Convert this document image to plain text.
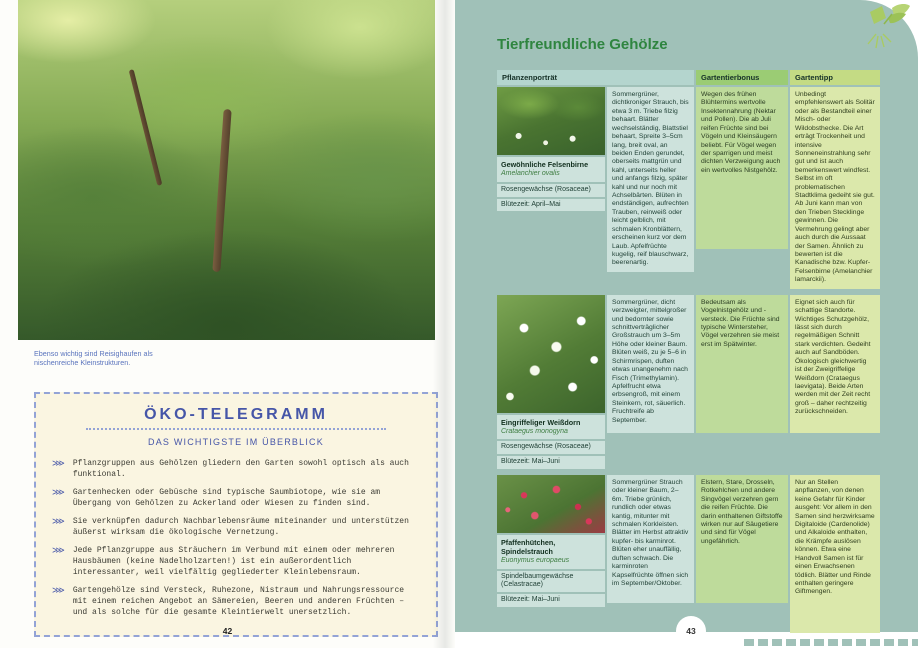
Ebenso wichtig sind Reisighaufen als nischenreiche Kleinstrukturen.
ÖKO-TELEGRAMM
DAS WICHTIGSTE IM ÜBERBLICK
⋙ Pflanzgruppen aus Gehölzen gliedern den Garten sowohl optisch als auch funktional.
⋙ Gartenhecken oder Gebüsche sind typische Saumbiotope, wie sie am Übergang von Gehölzen zu Ackerland oder Wiesen zu finden sind.
⋙ Sie verknüpfen dadurch Nachbarlebensräume miteinander und unterstützen äußerst wirksam die ökologische Vernetzung.
⋙ Jede Pflanzgruppe aus Sträuchern im Verbund mit einem oder mehreren Hausbäumen (keine Nadelholzarten!) ist ein außerordentlich interessanter, weil vielfältig gegliederter Kleinlebensraum.
⋙ Gartengehölze sind Versteck, Ruhezone, Nistraum und Nahrungsressource mit einem reichen Angebot an Sämereien, Beeren und anderen Früchten – und als solche für die gesamte Kleintierwelt unersetzlich.
42
Tierfreundliche Gehölze
Pflanzenporträt	Gartentierbonus	Gartentipp
Gewöhnliche Felsenbirne
Amelanchier ovalis
Rosengewächse (Rosaceae)
Blütezeit: April–Mai
Sommergrüner, dichtkroniger Strauch, bis etwa 3 m. Triebe filzig behaart. Blätter wechselständig, Blattstiel behaart, Spreite 3–5cm lang, breit oval, an beiden Enden gerundet, oberseits mattgrün und kahl, unterseits heller und anfangs filzig, später kahl und nur noch mit Achselbärten. Blüten in endständigen, aufrechten Trauben, reinweiß oder leicht gelblich, mit schmalen Kronblättern, erscheinen kurz vor dem Laub. Apfelfrüchte kugelig, reif blauschwarz, beerenartig.
Wegen des frühen Blühtermins wertvolle Insektennahrung (Nektar und Pollen). Die ab Juli reifen Früchte sind bei Vögeln und Kleinsäugern beliebt. Für Vögel wegen der sparrigen und meist dichten Verzweigung auch ein wertvolles Nistgehölz.
Unbedingt empfehlenswert als Solitär oder als Bestandteil einer Misch- oder Wildobsthecke. Die Art erträgt Trockenheit und intensive Sonneneinstrahlung sehr gut und ist auch bemerkenswert windfest. Selbst im oft problematischen Stadtklima gedeiht sie gut. Ab Juni kann man von den Trieben Stecklinge gewinnen. Die Vermehrung gelingt aber auch durch die Aussaat der Samen. Ähnlich zu bewerten ist die Kanadische bzw. Kupfer-Felsenbirne (Amelanchier lamarckii).
Eingriffeliger Weißdorn
Crataegus monogyna
Rosengewächse (Rosaceae)
Blütezeit: Mai–Juni
Sommergrüner, dicht verzweigter, mittelgroßer und bedornter sowie schnittverträglicher Großstrauch um 3–5m Höhe oder kleiner Baum. Blüten weiß, zu je 5–6 in Schirmrispen, duften etwas unangenehm nach Fisch (Trimethylamin). Apfelfrucht etwa erbsengroß, mit einem Steinkern, rot, säuerlich. Fruchtreife ab September.
Bedeutsam als Vogelnistgehölz und -versteck. Die Früchte sind typische Wintersteher, Vögel verzehren sie meist erst im Spätwinter.
Eignet sich auch für schattige Standorte. Wichtiges Schutzgehölz, lässt sich durch regelmäßigen Schnitt stark verdichten. Gedeiht auch auf Sandböden. Ökologisch gleichwertig ist der Zweigriffelige Weißdorn (Crataegus laevigata). Beide Arten werden mit der Zeit recht groß – daher rechtzeitig zurückschneiden.
Pfaffenhütchen, Spindelstrauch
Euonymus europaeus
Spindelbaumgewächse (Celastracae)
Blütezeit: Mai–Juni
Sommergrüner Strauch oder kleiner Baum, 2–6m. Triebe grünlich, rundlich oder etwas kantig, mitunter mit schmalen Korkleisten. Blätter im Herbst attraktiv kupfer- bis karminrot. Blüten eher unauffällig, duften schwach. Die karminroten Kapselfrüchte öffnen sich im September/Oktober.
Elstern, Stare, Drosseln, Rotkehlchen und andere Singvögel verzehren gern die reifen Früchte. Die darin enthaltenen Giftstoffe wirken nur auf Säugetiere und sind für Vögel ungefährlich.
Nur an Stellen anpflanzen, von denen keine Gefahr für Kinder ausgeht: Vor allem in den Samen sind herzwirksame Digitaloide (Cardenolide) und Alkaloide enthalten, die Krämpfe auslösen können. Etwa eine Handvoll Samen ist für einen Erwachsenen tödlich. Blätter und Rinde enthalten geringere Giftmengen.
43
